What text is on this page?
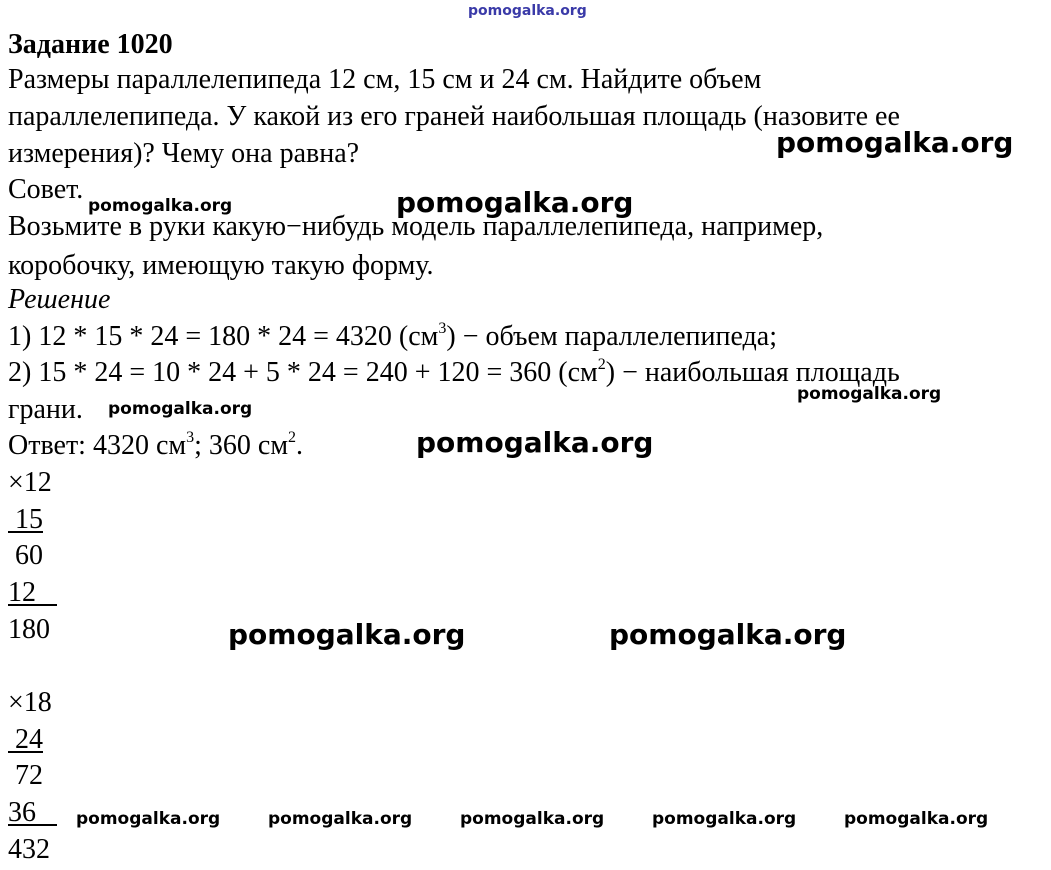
pomogalka.org

Задание 1020

Размеры параллелепипеда 12 см, 15 см и 24 см. Найдите объем

параллелепипеда. У какой из его граней наибольшая площадь (назовите ее

измерения)? Чему она равна?

Совет.

Возьмите в руки какую−нибудь модель параллелепипеда, например,

коробочку, имеющую такую форму.

Решение

1) 12 * 15 * 24 = 180 * 24 = 4320 $(см^3)$ − объем параллелепипеда;

2) 15 * 24 = 10 * 24 + 5 * 24 = 240 + 120 = 360 $(см^2)$ − наибольшая площадь

грани.

Ответ: 4320 $см^3$; 360 $см^2$.

×12

15

60

12

180

×18

24

72

36

432

pomogalka.org
pomogalka.org	pomogalka.org
pomogalka.org
pomogalka.org
pomogalka.org
pomogalka.org	pomogalka.org
pomogalka.org	pomogalka.org	pomogalka.org	pomogalka.org	pomogalka.org
